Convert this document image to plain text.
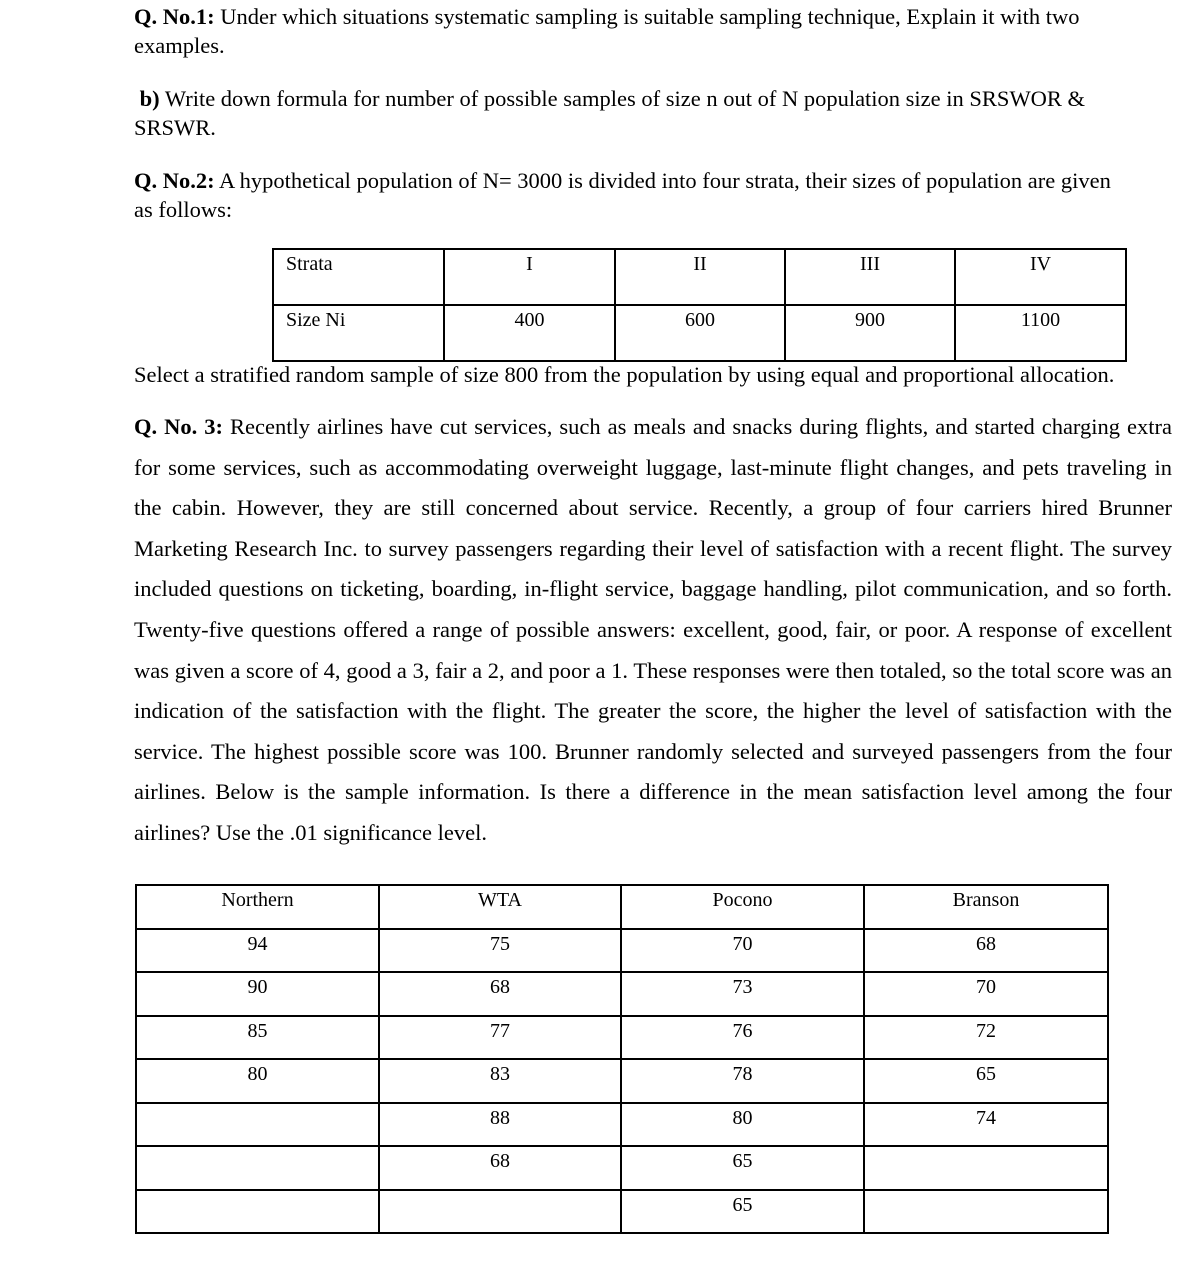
Q. No.1: Under which situations systematic sampling is suitable sampling technique, Explain it with two
examples.

b) Write down formula for number of possible samples of size n out of N population size in SRSWOR &
SRSWR.

Q. No.2: A hypothetical population of N= 3000 is divided into four strata, their sizes of population are given
as follows:

Strata	I	II	III	IV
Size Ni	400	600	900	1100

Select a stratified random sample of size 800 from the population by using equal and proportional allocation.

Q. No. 3: Recently airlines have cut services, such as meals and snacks during flights, and started charging extra for some services, such as accommodating overweight luggage, last-minute flight changes, and pets traveling in the cabin. However, they are still concerned about service. Recently, a group of four carriers hired Brunner Marketing Research Inc. to survey passengers regarding their level of satisfaction with a recent flight. The survey included questions on ticketing, boarding, in-flight service, baggage handling, pilot communication, and so forth. Twenty-five questions offered a range of possible answers: excellent, good, fair, or poor. A response of excellent was given a score of 4, good a 3, fair a 2, and poor a 1. These responses were then totaled, so the total score was an indication of the satisfaction with the flight. The greater the score, the higher the level of satisfaction with the service. The highest possible score was 100. Brunner randomly selected and surveyed passengers from the four airlines. Below is the sample information. Is there a difference in the mean satisfaction level among the four airlines? Use the .01 significance level.

Northern	WTA	Pocono	Branson
94	75	70	68
90	68	73	70
85	77	76	72
80	83	78	65
	88	80	74
	68	65	
		65	
